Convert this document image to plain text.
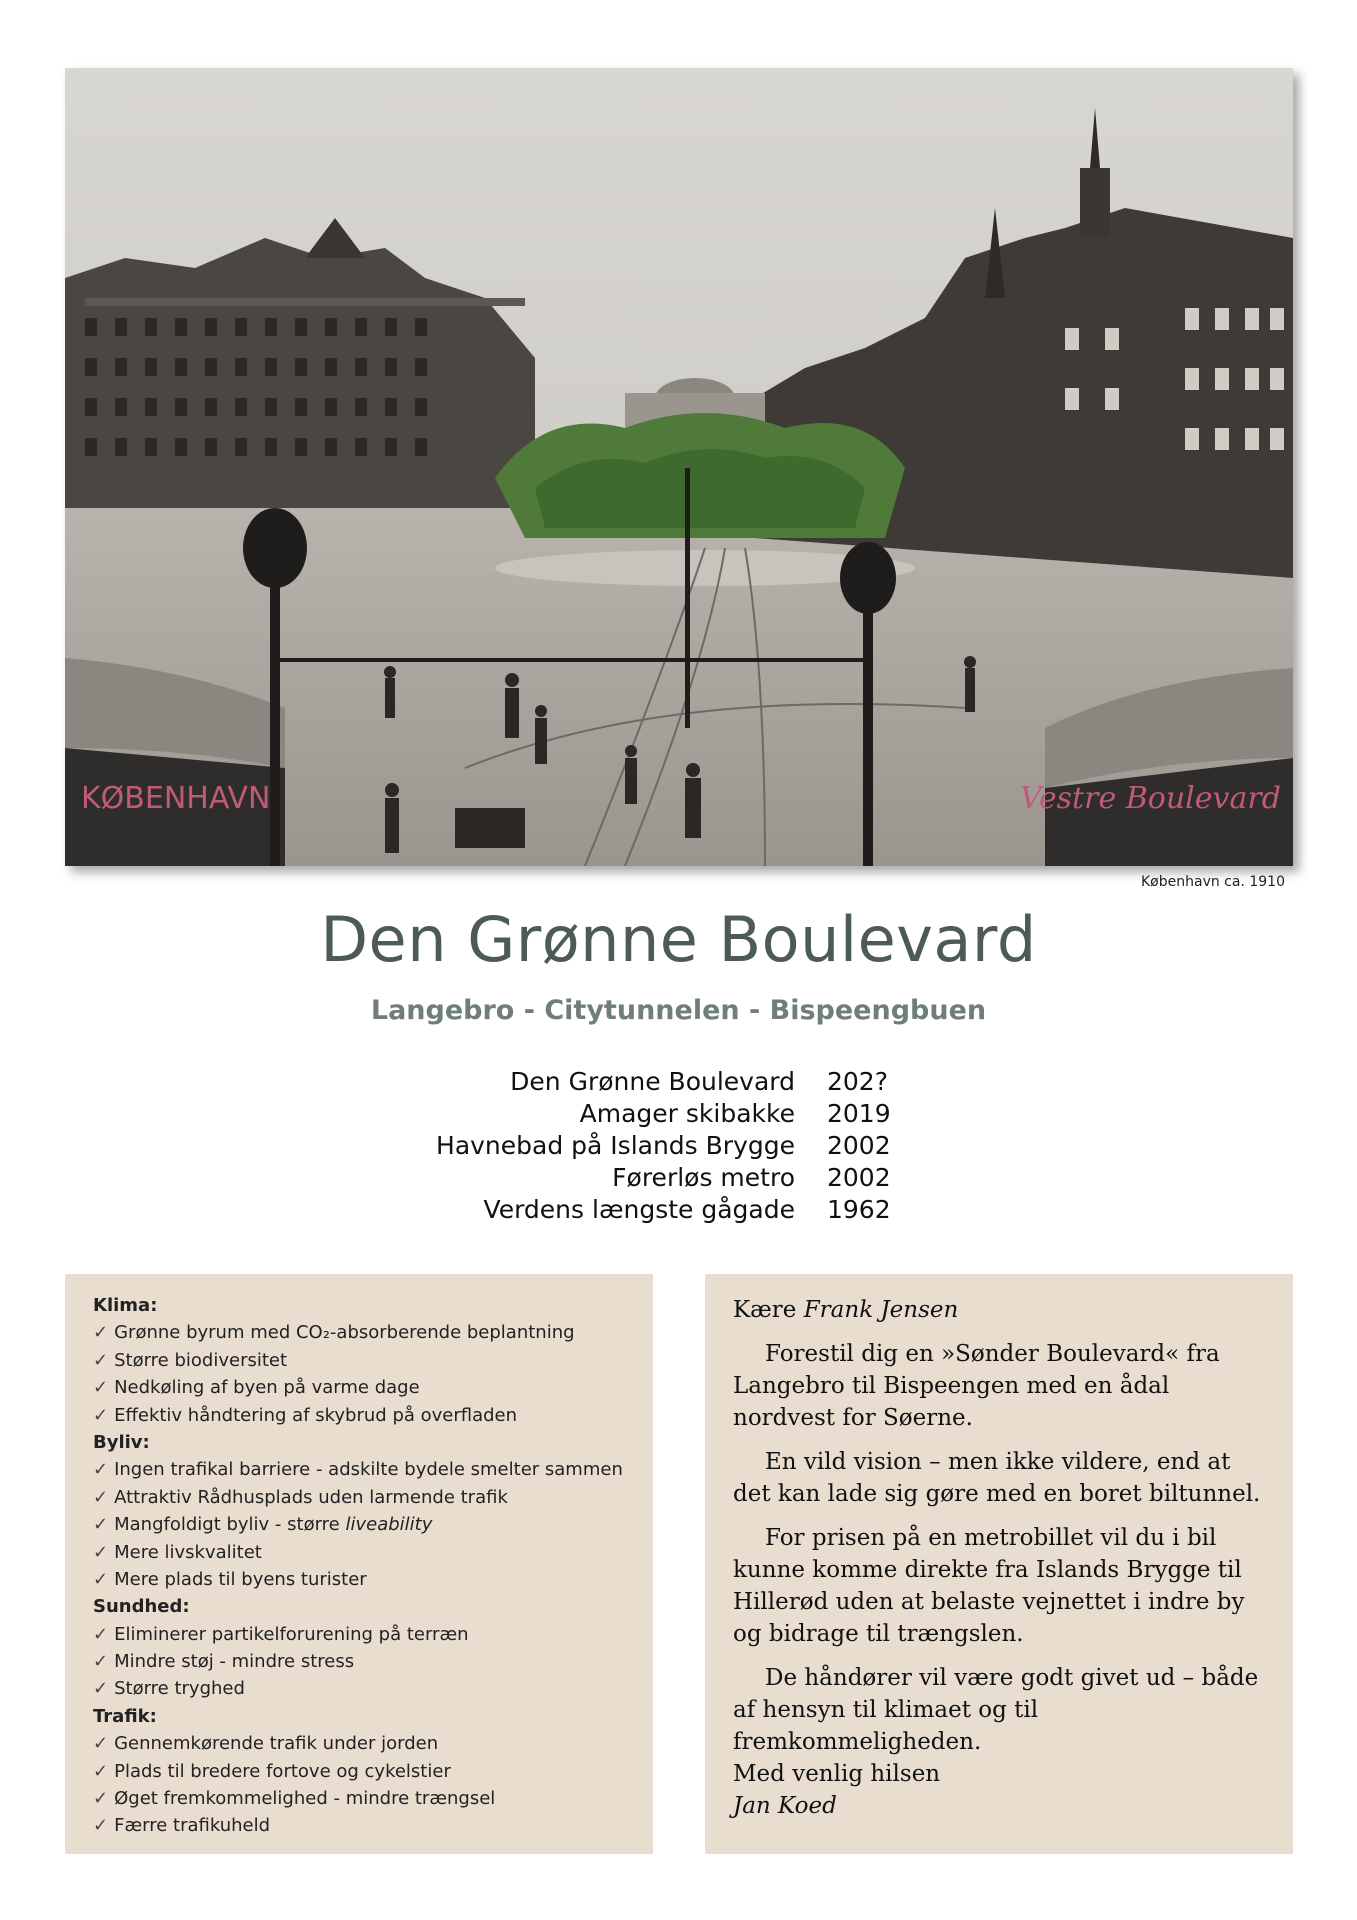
KØBENHAVN	Vestre Boulevard
København ca. 1910
Den Grønne Boulevard
Langebro - Citytunnelen - Bispeengbuen
Den Grønne Boulevard 202?
Amager skibakke 2019
Havnebad på Islands Brygge 2002
Førerløs metro 2002
Verdens længste gågade 1962
Klima:
✓ Grønne byrum med CO₂-absorberende beplantning
✓ Større biodiversitet
✓ Nedkøling af byen på varme dage
✓ Effektiv håndtering af skybrud på overfladen
Byliv:
✓ Ingen trafikal barriere - adskilte bydele smelter sammen
✓ Attraktiv Rådhusplads uden larmende trafik
✓ Mangfoldigt byliv - større liveability
✓ Mere livskvalitet
✓ Mere plads til byens turister
Sundhed:
✓ Eliminerer partikelforurening på terræn
✓ Mindre støj - mindre stress
✓ Større tryghed
Trafik:
✓ Gennemkørende trafik under jorden
✓ Plads til bredere fortove og cykelstier
✓ Øget fremkommelighed - mindre trængsel
✓ Færre trafikuheld

Kære Frank Jensen

Forestil dig en »Sønder Boulevard« fra Langebro til Bispeengen med en ådal nordvest for Søerne.

En vild vision – men ikke vildere, end at det kan lade sig gøre med en boret biltunnel.

For prisen på en metrobillet vil du i bil kunne komme direkte fra Islands Brygge til Hillerød uden at belaste vejnettet i indre by og bidrage til trængslen.

De håndører vil være godt givet ud – både af hensyn til klimaet og til fremkommeligheden.

Med venlig hilsen

Jan Koed
